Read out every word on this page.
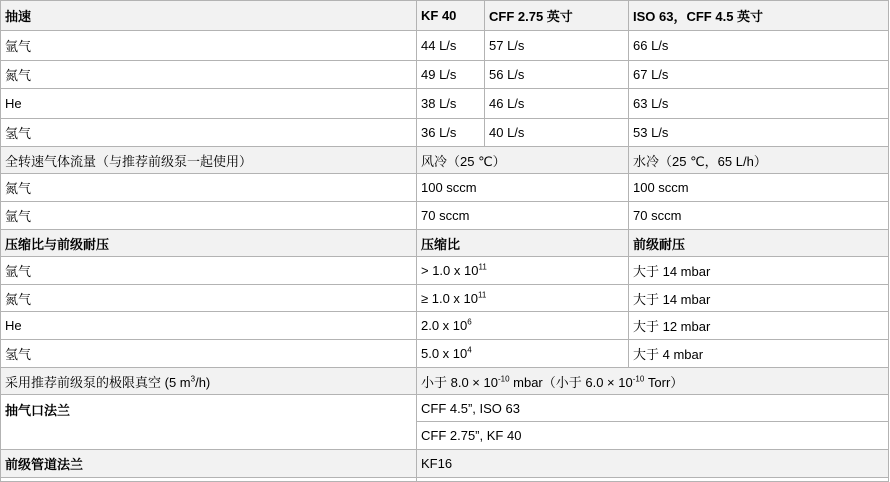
抽速	KF 40	CFF 2.75 英寸	ISO 63，CFF 4.5 英寸
氩气	44 L/s	57 L/s	66 L/s
氮气	49 L/s	56 L/s	67 L/s
He	38 L/s	46 L/s	63 L/s
氢气	36 L/s	40 L/s	53 L/s
全转速气体流量（与推荐前级泵一起使用）	风冷（25 ℃）		水冷（25 ℃，65 L/h）
氮气	100 sccm		100 sccm
氩气	70 sccm		70 sccm
压缩比与前级耐压	压缩比		前级耐压
氩气	> 1.0 x $10^{11}$		大于 14 mbar
氮气	≥ 1.0 x $10^{11}$		大于 14 mbar
He	2.0 x $10^6$		大于 12 mbar
氢气	5.0 x $10^4$		大于 4 mbar
采用推荐前级泵的极限真空 (5 $m^3/h$)	小于 $8.0 \times 10^{-10}$ mbar（小于 $6.0 \times 10^{-10}$ Torr）		
抽气口法兰	CFF 4.5”, ISO 63		
	CFF 2.75”, KF 40		
前级管道法兰	KF16		
